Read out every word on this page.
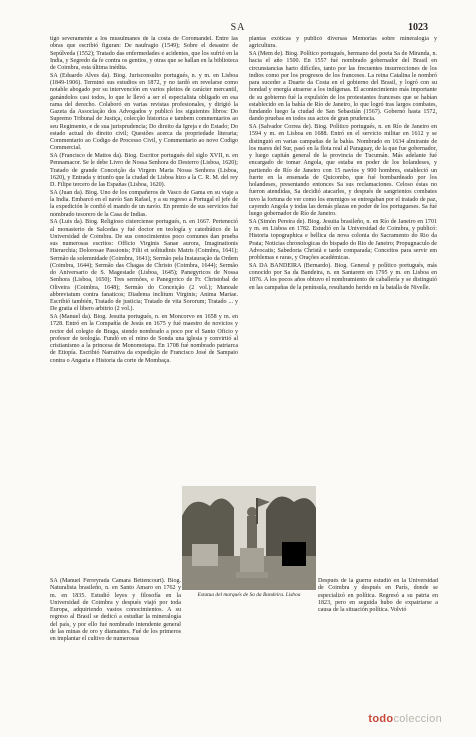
SA	1023

tigó severamente a los musulmanes de la costa de Coromandel. Entre las obras que escribió figuran: De naufragio (1549); Sobre el desastre de Sepúlveda (1552); Tratado das enfermedades e acidentes, que los sufrió en la India, y Segredo da fe contra os gentios, y otras que se hallan en la biblioteca de Coimbra, esta última inédita.

SA (Eduardo Alves da). Biog. Jurisconsulto portugués, n. y m. en Lisboa (1849-1906). Terminó sus estudios en 1872, y no tardó en revelarse como notable abogado por su intervención en varios pleitos de carácter mercantil, ganándolos casi todos, lo que le llevó a ser el especialista obligado en esa rama del derecho. Colaboró en varias revistas profesionales, y dirigió la Gazeta da Associação dos Advogados y publicó los siguientes libros: Do Supremo Tribunal de Justiça, colecção historica e tambem commentarios ao seu Regimento, e de sua jurisprudencia; Do direito da Igreja e do Estado; Do estado actual do direito civil; Questões acerca da propriedade literaria; Commentario ao Codigo de Processo Civil, y Commentario ao novo Codigo Commercial.

SA (Francisco de Mattos da). Biog. Escritor portugués del siglo XVII, n. en Pennamacor. Se le debe Livro de Nossa Senhora do Desterro (Lisboa, 1620); Tratado de grande Conceição da Virgem Maria Nossa Senhora (Lisboa, 1620), y Entrada y triunfo que la ciudad de Lisboa hizo a la C. R. M. del rey D. Filipe tercero de las Españas (Lisboa, 1620).

SA (Juan da). Biog. Uno de los compañeros de Vasco de Gama en su viaje a la India. Embarcó en el navío San Rafael, y a su regreso a Portugal el jefe de la expedición le confió el mando de un navío. En premio de sus servicios fué nombrado tesorero de la Casa de Indias.

SA (Luis da). Biog. Religioso cisterciense portugués, n. en 1667. Perteneció al monasterio de Salcedas y fué doctor en teología y catedrático de la Universidad de Coimbra. De sus conocimientos poco comunes dan prueba sus numerosas escritos: Officio Virginis Sanae aurora, Imaginationis Hierarchia; Dolorosae Passionis; Filii et solitudinis Matris (Coimbra, 1641); Sermão da solemnidade (Coimbra, 1641); Sermão pela Instauração da Ordem (Coimbra, 1644); Sermão das Chagas de Christo (Coimbra, 1644); Sermão do Aniversario de S. Magestade (Lisboa, 1645); Panegyricos de Nossa Senhora (Lisboa, 1650); Tres sermões, e Panegyrico de Fr. Christobal de Oliveira (Coimbra, 1648); Sermão do Conceição (2 vol.); Manoale abbreviatum contra fanaticos; Diadema inclitum Virginis; Anima Mariae. Escribió también, Tratado de justicia; Tratado de vita Sororum; Tratado ... y De gratia el libero arbitrio (2 vol.).

SA (Manuel da). Biog. Jesuita portugués, n. en Moncorvo en 1658 y m. en 1728. Entró en la Compañía de Jesús en 1675 y fué maestro de novicios y rector del colegio de Braga, siendo nombrado a poco por el Santo Oficio y profesor de teología. Fundó en el reino de Sonda una iglesia y convirtió al cristianismo a la princesa de Monomotapa. En 1708 fué nombrado patriarca de Etiopía. Escribió Narrativa da expedição de Francisco José de Sampaio contra o Angaria e Historia da corte de Mombaça.

plantas exóticas y publicó diversas Memorias sobre mineralogía y agricultura.

SA (Mem de). Biog. Político portugués, hermano del poeta Sa de Miranda, n. hacia el año 1500. En 1557 fué nombrado gobernador del Brasil en circunstancias harto difíciles, tanto por las frecuentes insurrecciones de los indios como por los progresos de los franceses. La reina Catalina le nombró para suceder a Duarte da Costa en el gobierno del Brasil, y logró con su bondad y energía atraerse a los indígenas. El acontecimiento más importante de su gobierno fué la expulsión de los protestantes franceses que se habían establecido en la bahía de Río de Janeiro, lo que logró tras largos combates, fundando luego la ciudad de San Sebastián (1567). Gobernó hasta 1572, dando pruebas en todos sus actos de gran prudencia.

SA (Salvador Correa de). Biog. Político portugués, n. en Río de Janeiro en 1594 y m. en Lisboa en 1688. Entró en el servicio militar en 1612 y se distinguió en varias campañas de la bahía. Nombrado en 1634 almirante de los mares del Sur, pasó en la flota real al Paraguay, de la que fue gobernador, y luego capitán general de la provincia de Tucumán. Más adelante fué encargado de tomar Angola, que estaba en poder de los holandeses, y partiendo de Río de Janeiro con 15 navíos y 900 hombres, estableció un fuerte en la ensenada de Quicombo, que fué bombardeado por los holandeses, presentando entonces Sa sus reclamaciones. Celoso éstas no fueron atendidas, Sa decidió atacarles, y después de sangrientos combates tuvo la fortuna de ver como los enemigos se entregaban por el tratado de paz, cayendo Angola y todas las demás plazas en poder de los portugueses. Sa fué luego gobernador de Río de Janeiro.

SA (Simón Pereira de). Biog. Jesuita brasileño, n. en Río de Janeiro en 1701 y m. en Lisboa en 1782. Estudió en la Universidad de Coimbra, y publicó: Historia topographica e bellica da nova colonia do Sacramento do Rio da Prata; Noticias chronologicas do bispado do Rio de Janeiro; Propugnaculo de Advocatis; Sabedoria Christã e tardo comparada; Conceitos para servir em problemas e raras, y Orações académicas.

SA DA BANDEIRA (Bernardo). Biog. General y político portugués, más conocido por Sa da Bandeira, n. en Santarem en 1795 y m. en Lisboa en 1876. A los pocos años obtuvo el nombramiento de caballería y se distinguió en las campañas de la península, resultando herido en la batalla de Nivelle.

Estatua del marqués de Sa da Bandeira. Lisboa
SA (Manuel Ferreyrada Camara Bettencourt). Biog. Naturalista brasileño, n. en Santo Amaro en 1762 y m. en 1835. Estudió leyes y filosofía en la Universidad de Coimbra y después viajó por toda Europa, adquiriendo vastos conocimientos. A su regreso al Brasil se dedicó a estudiar la mineralogía del país, y por ello fué nombrado intendente general de las minas de oro y diamantes. Fué de los primeros en implantar el cultivo de numerosas
Después de la guerra estudió en la Universidad de Coimbra y después en París, donde se especializó en política. Regresó a su patria en 1823, pero en seguida hubo de expatriarse a causa de la situación política. Volvió
todocoleccion
